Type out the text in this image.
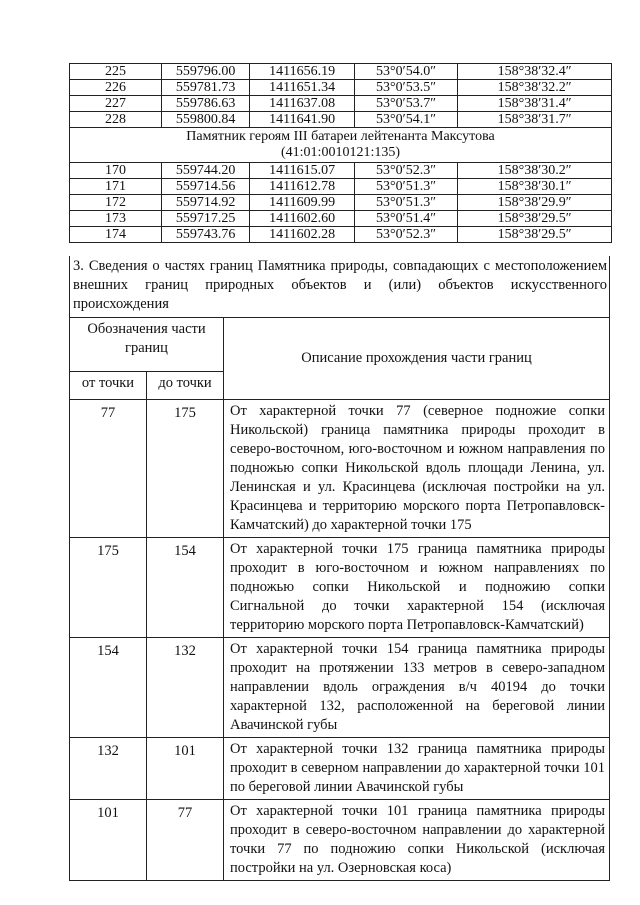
225	559796.00	1411656.19	53°0′54.0″	158°38′32.4″
226	559781.73	1411651.34	53°0′53.5″	158°38′32.2″
227	559786.63	1411637.08	53°0′53.7″	158°38′31.4″
228	559800.84	1411641.90	53°0′54.1″	158°38′31.7″

Памятник героям III батареи лейтенанта Максутова
(41:01:0010121:135)				

170	559744.20	1411615.07	53°0′52.3″	158°38′30.2″
171	559714.56	1411612.78	53°0′51.3″	158°38′30.1″
172	559714.92	1411609.99	53°0′51.3″	158°38′29.9″
173	559717.25	1411602.60	53°0′51.4″	158°38′29.5″
174	559743.76	1411602.28	53°0′52.3″	158°38′29.5″
3. Сведения о частях границ Памятника природы, совпадающих с местоположением внешних границ природных объектов и (или) объектов искусственного происхождения
Обозначения части границ		Описание прохождения части границ
от точки	до точки	
77	175	От характерной точки 77 (северное подножие сопки Никольской) граница памятника природы проходит в северо-восточном, юго-восточном и южном направления по подножью сопки Никольской вдоль площади Ленина, ул. Ленинская и ул. Красинцева (исключая постройки на ул. Красинцева и территорию морского порта Петропавловск-Камчатский) до характерной точки 175
175	154	От характерной точки 175 граница памятника природы проходит в юго-восточном и южном направлениях по подножью сопки Никольской и подножию сопки Сигнальной до точки характерной 154 (исключая территорию морского порта Петропавловск-Камчатский)
154	132	От характерной точки 154 граница памятника природы проходит на протяжении 133 метров в северо-западном направлении вдоль ограждения в/ч 40194 до точки характерной 132, расположенной на береговой линии Авачинской губы
132	101	От характерной точки 132 граница памятника природы проходит в северном направлении до характерной точки 101 по береговой линии Авачинской губы
101	77	От характерной точки 101 граница памятника природы проходит в северо-восточном направлении до характерной точки 77 по подножию сопки Никольской (исключая постройки на ул. Озерновская коса)
